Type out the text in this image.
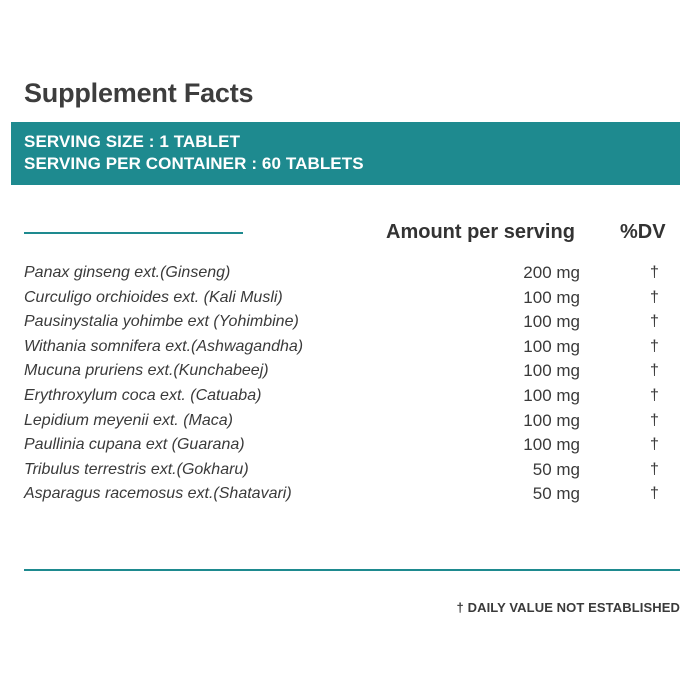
Supplement Facts
SERVING SIZE : 1 TABLET
SERVING PER CONTAINER : 60 TABLETS
Amount per serving %DV
Panax ginseng ext.(Ginseng)	200 mg	†
Curculigo orchioides ext. (Kali Musli)	100 mg	†
Pausinystalia yohimbe ext (Yohimbine)	100 mg	†
Withania somnifera ext.(Ashwagandha)	100 mg	†
Mucuna pruriens ext.(Kunchabeej)	100 mg	†
Erythroxylum coca ext. (Catuaba)	100 mg	†
Lepidium meyenii ext. (Maca)	100 mg	†
Paullinia cupana ext (Guarana)	100 mg	†
Tribulus terrestris ext.(Gokharu)	50 mg	†
Asparagus racemosus ext.(Shatavari)	50 mg	†
† DAILY VALUE NOT ESTABLISHED
